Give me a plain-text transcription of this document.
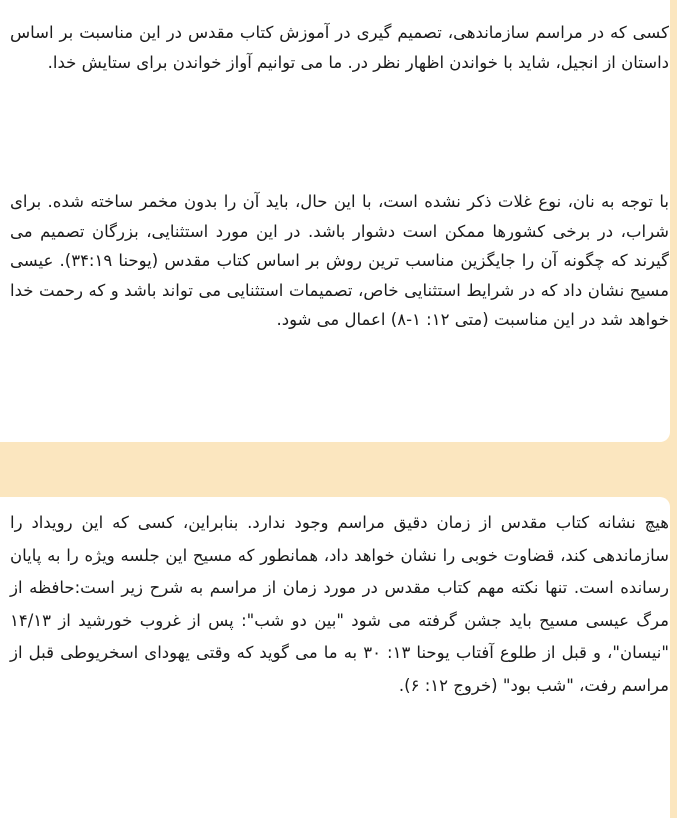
کسی که در مراسم سازماندهی، تصمیم گیری در آموزش کتاب مقدس در این مناسبت بر اساس داستان از انجیل، شاید با خواندن اظهار نظر در. ما می توانیم آواز خواندن برای ستایش خدا.

با توجه به نان، نوع غلات ذکر نشده است، با این حال، باید آن را بدون مخمر ساخته شده. برای شراب، در برخی کشورها ممکن است دشوار باشد. در این مورد استثنایی، بزرگان تصمیم می گیرند که چگونه آن را جایگزین مناسب ترین روش بر اساس کتاب مقدس (یوحنا ۳۴:۱۹). عیسی مسیح نشان داد که در شرایط استثنایی خاص، تصمیمات استثنایی می تواند باشد و که رحمت خدا خواهد شد در این مناسبت (متی ۱۲: ۱-۸) اعمال می شود.

هیچ نشانه کتاب مقدس از زمان دقیق مراسم وجود ندارد. بنابراین، کسی که این رویداد را سازماندهی کند، قضاوت خوبی را نشان خواهد داد، همانطور که مسیح این جلسه ویژه را به پایان رسانده است. تنها نکته مهم کتاب مقدس در مورد زمان از مراسم به شرح زیر است:حافظه از مرگ عیسی مسیح باید جشن گرفته می شود "بین دو شب": پس از غروب خورشید از ۱۴/۱۳ "نیسان"، و قبل از طلوع آفتاب یوحنا ۱۳: ۳۰ به ما می گوید که وقتی یهودای اسخریوطی قبل از مراسم رفت، "شب بود" (خروج ۱۲: ۶).
